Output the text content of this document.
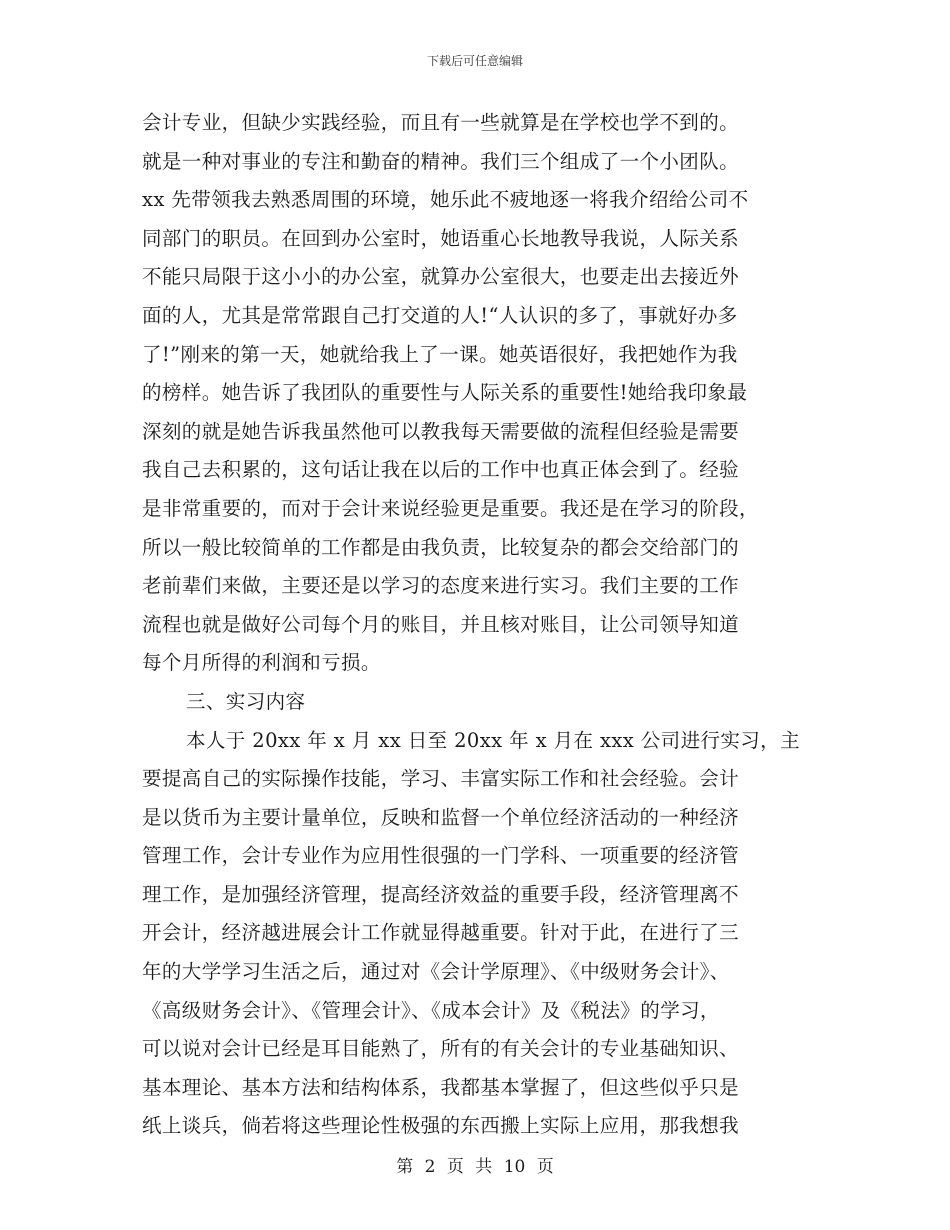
下载后可任意编辑
会计专业，但缺少实践经验，而且有一些就算是在学校也学不到的。
就是一种对事业的专注和勤奋的精神。我们三个组成了一个小团队。
xx 先带领我去熟悉周围的环境，她乐此不疲地逐一将我介绍给公司不
同部门的职员。在回到办公室时，她语重心长地教导我说，人际关系
不能只局限于这小小的办公室，就算办公室很大，也要走出去接近外
面的人，尤其是常常跟自己打交道的人!“人认识的多了，事就好办多
了!”刚来的第一天，她就给我上了一课。她英语很好，我把她作为我
的榜样。她告诉了我团队的重要性与人际关系的重要性!她给我印象最
深刻的就是她告诉我虽然他可以教我每天需要做的流程但经验是需要
我自己去积累的，这句话让我在以后的工作中也真正体会到了。经验
是非常重要的，而对于会计来说经验更是重要。我还是在学习的阶段，
所以一般比较简单的工作都是由我负责，比较复杂的都会交给部门的
老前辈们来做，主要还是以学习的态度来进行实习。我们主要的工作
流程也就是做好公司每个月的账目，并且核对账目，让公司领导知道
每个月所得的利润和亏损。
三、实习内容
本人于 20xx 年 x 月 xx 日至 20xx 年 x 月在 xxx 公司进行实习，主
要提高自己的实际操作技能，学习、丰富实际工作和社会经验。会计
是以货币为主要计量单位，反映和监督一个单位经济活动的一种经济
管理工作，会计专业作为应用性很强的一门学科、一项重要的经济管
理工作，是加强经济管理，提高经济效益的重要手段，经济管理离不
开会计，经济越进展会计工作就显得越重要。针对于此，在进行了三
年的大学学习生活之后，通过对《会计学原理》、《中级财务会计》、
《高级财务会计》、《管理会计》、《成本会计》及《税法》的学习，
可以说对会计已经是耳目能熟了，所有的有关会计的专业基础知识、
基本理论、基本方法和结构体系，我都基本掌握了，但这些似乎只是
纸上谈兵，倘若将这些理论性极强的东西搬上实际上应用，那我想我
第 2 页 共 10 页
